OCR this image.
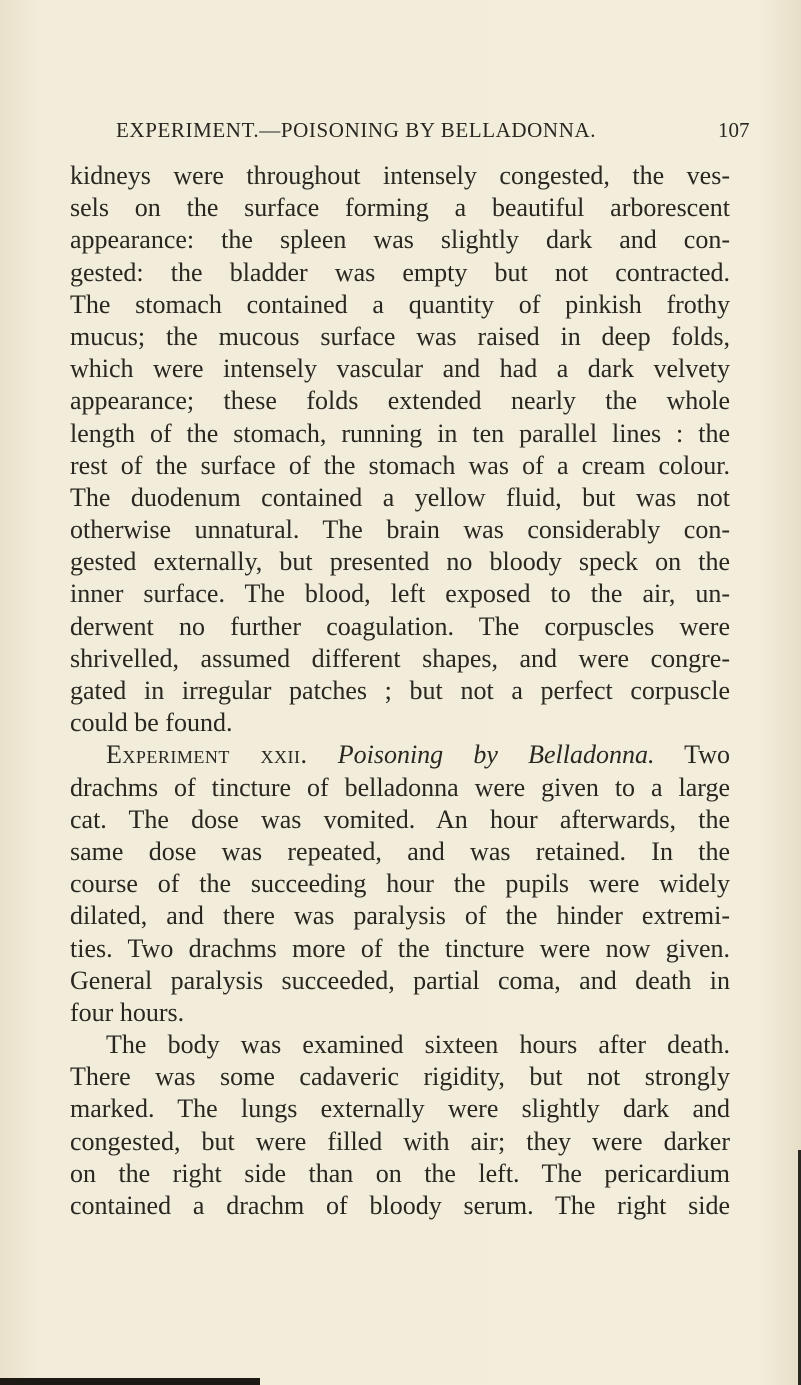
EXPERIMENT.—POISONING BY BELLADONNA.	107
kidneys were throughout intensely congested, the ves-
sels on the surface forming a beautiful arborescent
appearance: the spleen was slightly dark and con-
gested: the bladder was empty but not contracted.
The stomach contained a quantity of pinkish frothy
mucus; the mucous surface was raised in deep folds,
which were intensely vascular and had a dark velvety
appearance; these folds extended nearly the whole
length of the stomach, running in ten parallel lines : the
rest of the surface of the stomach was of a cream colour.
The duodenum contained a yellow fluid, but was not
otherwise unnatural. The brain was considerably con-
gested externally, but presented no bloody speck on the
inner surface. The blood, left exposed to the air, un-
derwent no further coagulation. The corpuscles were
shrivelled, assumed different shapes, and were congre-
gated in irregular patches ; but not a perfect corpuscle
could be found.
Experiment xxii. Poisoning by Belladonna. Two
drachms of tincture of belladonna were given to a large
cat. The dose was vomited. An hour afterwards, the
same dose was repeated, and was retained. In the
course of the succeeding hour the pupils were widely
dilated, and there was paralysis of the hinder extremi-
ties. Two drachms more of the tincture were now given.
General paralysis succeeded, partial coma, and death in
four hours.
The body was examined sixteen hours after death.
There was some cadaveric rigidity, but not strongly
marked. The lungs externally were slightly dark and
congested, but were filled with air; they were darker
on the right side than on the left. The pericardium
contained a drachm of bloody serum. The right side
